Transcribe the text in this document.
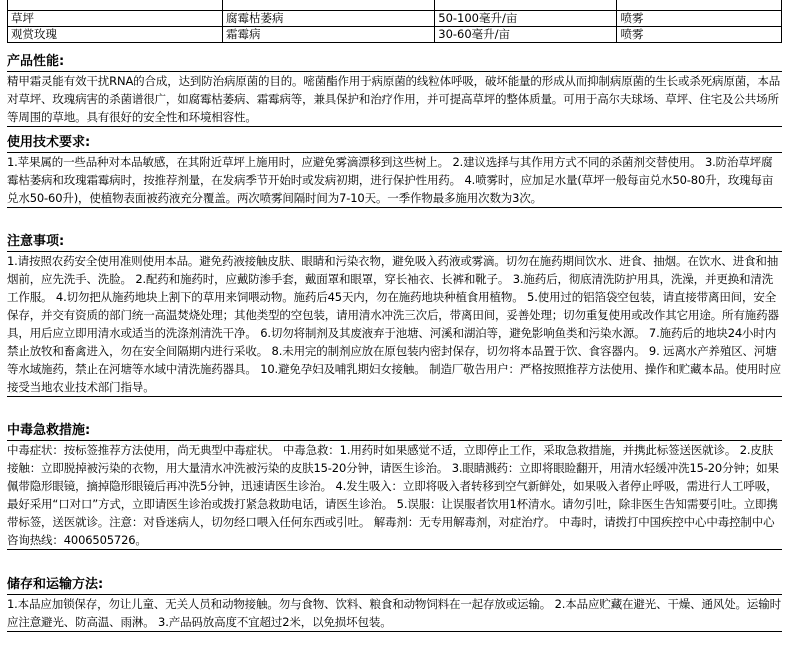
草坪	腐霉枯萎病	50-100毫升/亩	喷雾
观赏玫瑰	霜霉病	30-60毫升/亩	喷雾
产品性能:

精甲霜灵能有效干扰RNA的合成，达到防治病原菌的目的。嘧菌酯作用于病原菌的线粒体呼吸，破坏能量的形成从而抑制病原菌的生长或杀死病原菌，本品对草坪、玫瑰病害的杀菌谱很广，如腐霉枯萎病、霜霉病等，兼具保护和治疗作用，并可提高草坪的整体质量。可用于高尔夫球场、草坪、住宅及公共场所等周围的草地。具有很好的安全性和环境相容性。

使用技术要求:

1.苹果属的一些品种对本品敏感，在其附近草坪上施用时，应避免雾滴漂移到这些树上。 2.建议选择与其作用方式不同的杀菌剂交替使用。 3.防治草坪腐霉枯萎病和玫瑰霜霉病时，按推荐剂量，在发病季节开始时或发病初期，进行保护性用药。 4.喷雾时，应加足水量(草坪一般每亩兑水50-80升，玫瑰每亩兑水50-60升)，使植物表面被药液充分覆盖。两次喷雾间隔时间为7-10天。一季作物最多施用次数为3次。

注意事项:

1.请按照农药安全使用准则使用本品。避免药液接触皮肤、眼睛和污染衣物，避免吸入药液或雾滴。切勿在施药期间饮水、进食、抽烟。在饮水、进食和抽烟前，应先洗手、洗脸。 2.配药和施药时，应戴防渗手套，戴面罩和眼罩，穿长袖衣、长裤和靴子。 3.施药后，彻底清洗防护用具，洗澡，并更换和清洗工作服。 4.切勿把从施药地块上割下的草用来饲喂动物。施药后45天内，勿在施药地块种植食用植物。 5.使用过的铝箔袋空包装，请直接带离田间，安全保存，并交有资质的部门统一高温焚烧处理；其他类型的空包装，请用清水冲洗三次后，带离田间，妥善处理；切勿重复使用或改作其它用途。所有施药器具，用后应立即用清水或适当的洗涤剂清洗干净。 6.切勿将制剂及其废液弃于池塘、河溪和湖泊等，避免影响鱼类和污染水源。 7.施药后的地块24小时内禁止放牧和畜禽进入，勿在安全间隔期内进行采收。 8.未用完的制剂应放在原包装内密封保存，切勿将本品置于饮、食容器内。 9. 远离水产养殖区、河塘等水域施药，禁止在河塘等水域中清洗施药器具。 10.避免孕妇及哺乳期妇女接触。 制造厂敬告用户：严格按照推荐方法使用、操作和贮藏本品。使用时应接受当地农业技术部门指导。

中毒急救措施:

中毒症状：按标签推荐方法使用，尚无典型中毒症状。 中毒急救：1.用药时如果感觉不适，立即停止工作，采取急救措施，并携此标签送医就诊。 2.皮肤接触：立即脱掉被污染的衣物，用大量清水冲洗被污染的皮肤15-20分钟，请医生诊治。 3.眼睛溅药：立即将眼睑翻开，用清水轻缓冲洗15-20分钟；如果佩带隐形眼镜，摘掉隐形眼镜后再冲洗5分钟，迅速请医生诊治。 4.发生吸入：立即将吸入者转移到空气新鲜处，如果吸入者停止呼吸，需进行人工呼吸，最好采用“口对口”方式，立即请医生诊治或拨打紧急救助电话，请医生诊治。 5.误服：让误服者饮用1杯清水。请勿引吐，除非医生告知需要引吐。立即携带标签，送医就诊。注意：对昏迷病人，切勿经口喂入任何东西或引吐。 解毒剂：无专用解毒剂，对症治疗。 中毒时，请拨打中国疾控中心中毒控制中心咨询热线：4006505726。

储存和运输方法:

1.本品应加锁保存，勿让儿童、无关人员和动物接触。勿与食物、饮料、粮食和动物饲料在一起存放或运输。 2.本品应贮藏在避光、干燥、通风处。运输时应注意避光、防高温、雨淋。 3.产品码放高度不宜超过2米，以免损坏包装。
